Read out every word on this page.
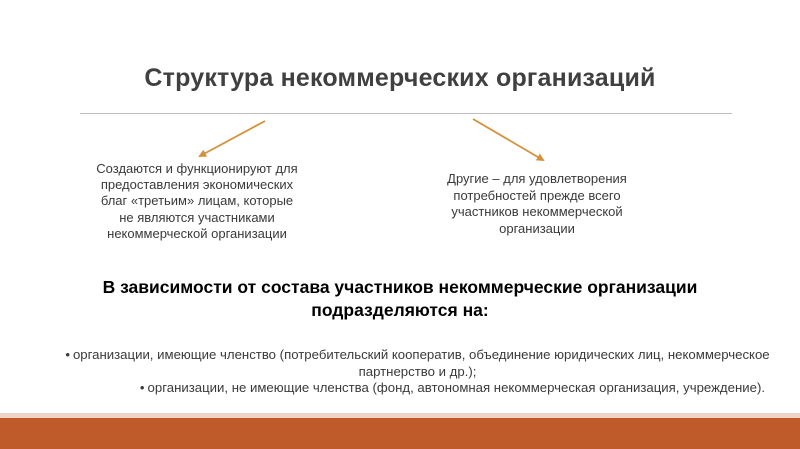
Структура некоммерческих организаций
Создаются и функционируют для предоставления экономических благ «третьим» лицам, которые не являются участниками некоммерческой организации
Другие – для удовлетворения потребностей прежде всего участников некоммерческой организации
В зависимости от состава участников некоммерческие организации подразделяются на:

• организации, имеющие членство (потребительский кооператив, объединение юридических лиц, некоммерческое партнерство и др.);

• организации, не имеющие членства (фонд, автономная некоммерческая организация, учреждение).
